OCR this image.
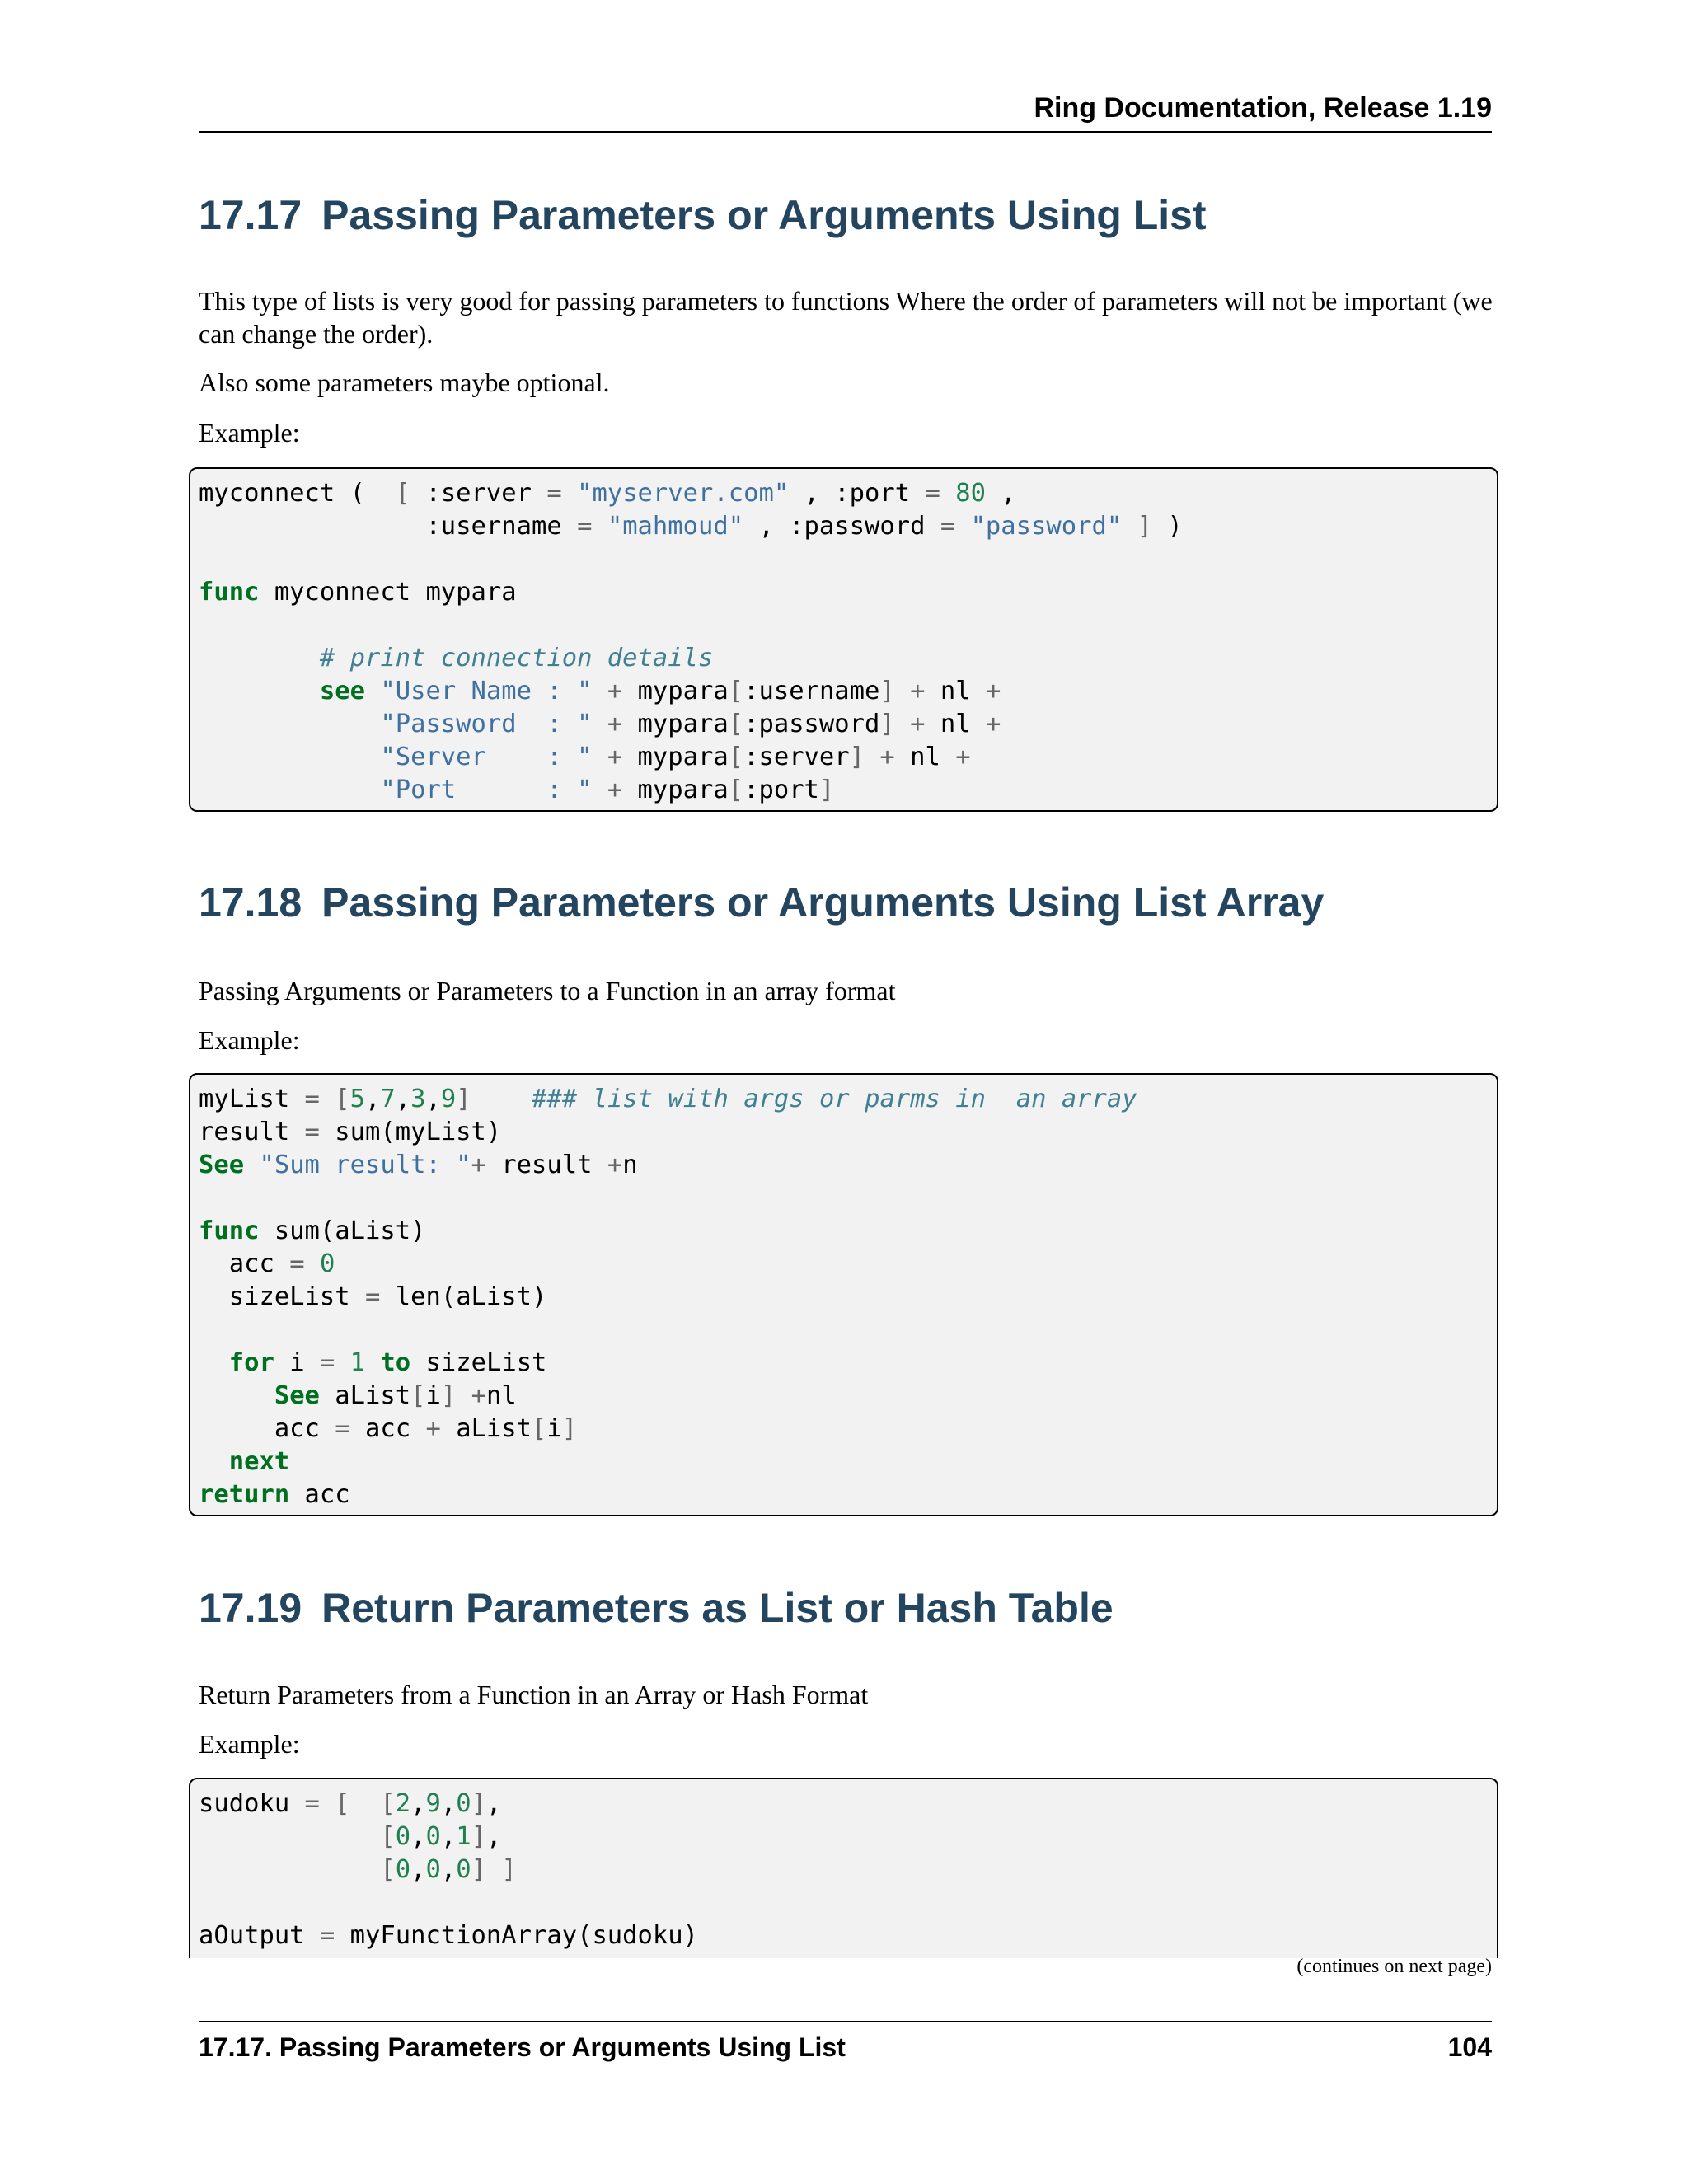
Ring Documentation, Release 1.19
17.17 Passing Parameters or Arguments Using List

This type of lists is very good for passing parameters to functions Where the order of parameters will not be important (we can change the order).

Also some parameters maybe optional.

Example:

myconnect (  [ :server = "myserver.com" , :port = 80 ,
:username = "mahmoud" , :password = "password" ] )

func myconnect mypara

# print connection details
see "User Name : " + mypara[:username] + nl +
"Password  : " + mypara[:password] + nl +
"Server    : " + mypara[:server] + nl +
"Port      : " + mypara[:port]
17.18 Passing Parameters or Arguments Using List Array

Passing Arguments or Parameters to a Function in an array format

Example:

myList = [5,7,3,9] ### list with args or parms in  an array
result = sum(myList)
See "Sum result: "+ result +n

func sum(aList)
acc = 0
sizeList = len(aList)

for i = 1 to sizeList
See aList[i] +nl
acc = acc + aList[i]
next
return acc
17.19 Return Parameters as List or Hash Table

Return Parameters from a Function in an Array or Hash Format

Example:

sudoku = [ [2,9,0],
[0,0,1],
[0,0,0] ]

aOutput = myFunctionArray(sudoku)
(continues on next page)
17.17. Passing Parameters or Arguments Using List	104
